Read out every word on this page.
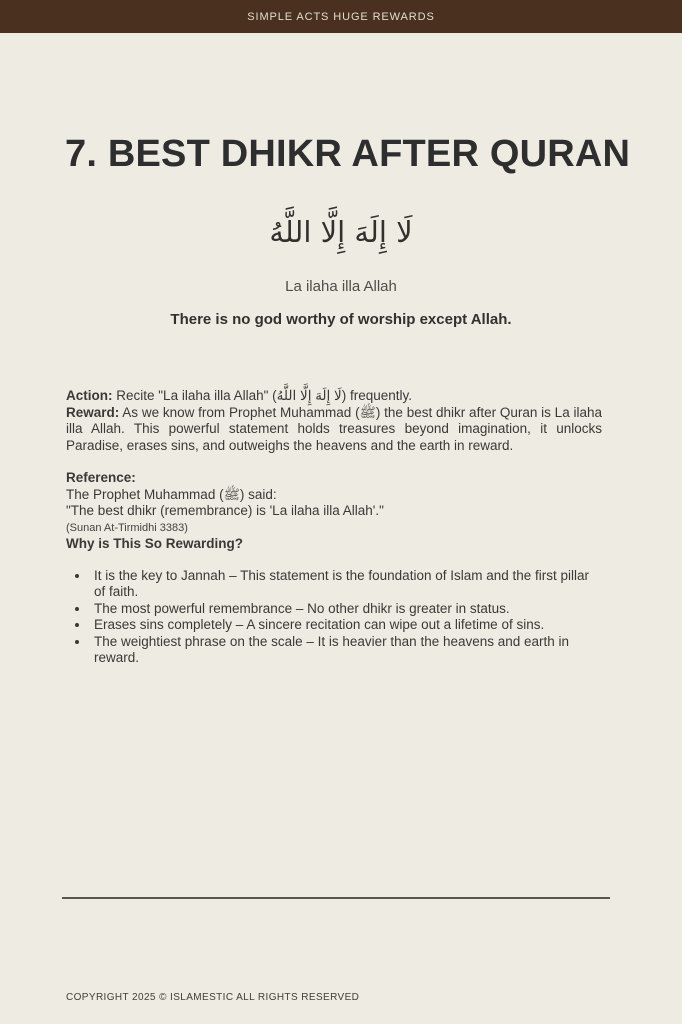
SIMPLE ACTS HUGE REWARDS
7. BEST DHIKR AFTER QURAN
لَا إِلَهَ إِلَّا اللَّهُ
La ilaha illa Allah
There is no god worthy of worship except Allah.

Action: Recite "La ilaha illa Allah" (لَا إِلَهَ إِلَّا اللَّهُ) frequently.

Reward: As we know from Prophet Muhammad (ﷺ) the best dhikr after Quran is La ilaha illa Allah. This powerful statement holds treasures beyond imagination, it unlocks Paradise, erases sins, and outweighs the heavens and the earth in reward.

Reference:

The Prophet Muhammad (ﷺ) said:

"The best dhikr (remembrance) is 'La ilaha illa Allah'."

(Sunan At-Tirmidhi 3383)

Why is This So Rewarding?

• It is the key to Jannah – This statement is the foundation of Islam and the first pillar of faith.
• The most powerful remembrance – No other dhikr is greater in status.
• Erases sins completely – A sincere recitation can wipe out a lifetime of sins.
• The weightiest phrase on the scale – It is heavier than the heavens and earth in reward.
COPYRIGHT 2025 © ISLAMESTIC ALL RIGHTS RESERVED
